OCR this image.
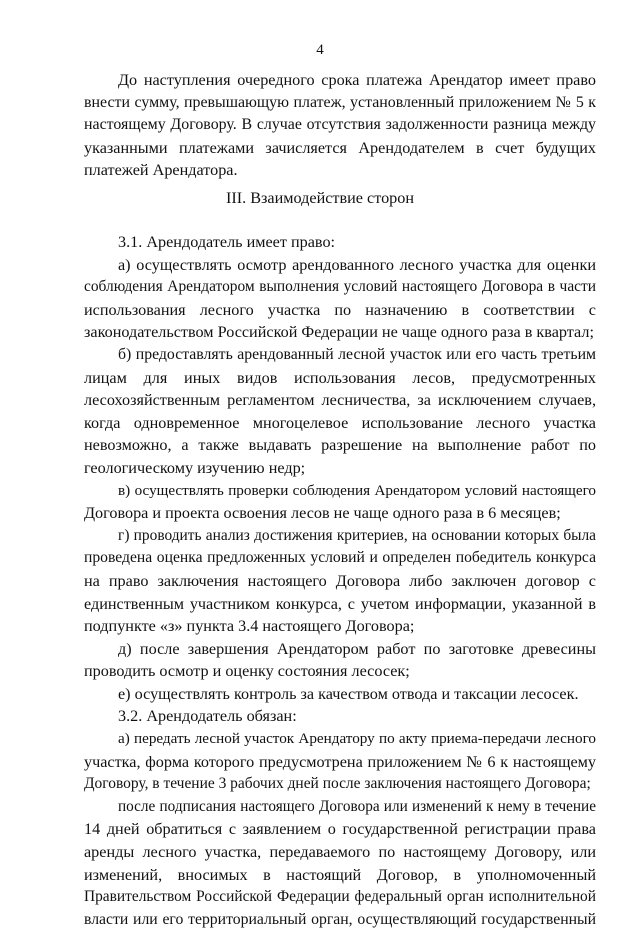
4
До наступления очередного срока платежа Арендатор имеет право
внести сумму, превышающую платеж, установленный приложением № 5 к
настоящему Договору. В случае отсутствия задолженности разница между
указанными платежами зачисляется Арендодателем в счет будущих
платежей Арендатора.
III. Взаимодействие сторон
3.1. Арендодатель имеет право:
а) осуществлять осмотр арендованного лесного участка для оценки
соблюдения Арендатором выполнения условий настоящего Договора в части
использования лесного участка по назначению в соответствии с
законодательством Российской Федерации не чаще одного раза в квартал;
б) предоставлять арендованный лесной участок или его часть третьим
лицам для иных видов использования лесов, предусмотренных
лесохозяйственным регламентом лесничества, за исключением случаев,
когда одновременное многоцелевое использование лесного участка
невозможно, а также выдавать разрешение на выполнение работ по
геологическому изучению недр;
в) осуществлять проверки соблюдения Арендатором условий настоящего
Договора и проекта освоения лесов не чаще одного раза в 6 месяцев;
г) проводить анализ достижения критериев, на основании которых была
проведена оценка предложенных условий и определен победитель конкурса
на право заключения настоящего Договора либо заключен договор с
единственным участником конкурса, с учетом информации, указанной в
подпункте «з» пункта 3.4 настоящего Договора;
д) после завершения Арендатором работ по заготовке древесины
проводить осмотр и оценку состояния лесосек;
е) осуществлять контроль за качеством отвода и таксации лесосек.
3.2. Арендодатель обязан:
а) передать лесной участок Арендатору по акту приема-передачи лесного
участка, форма которого предусмотрена приложением № 6 к настоящему
Договору, в течение 3 рабочих дней после заключения настоящего Договора;
после подписания настоящего Договора или изменений к нему в течение
14 дней обратиться с заявлением о государственной регистрации права
аренды лесного участка, передаваемого по настоящему Договору, или
изменений, вносимых в настоящий Договор, в уполномоченный
Правительством Российской Федерации федеральный орган исполнительной
власти или его территориальный орган, осуществляющий государственный
